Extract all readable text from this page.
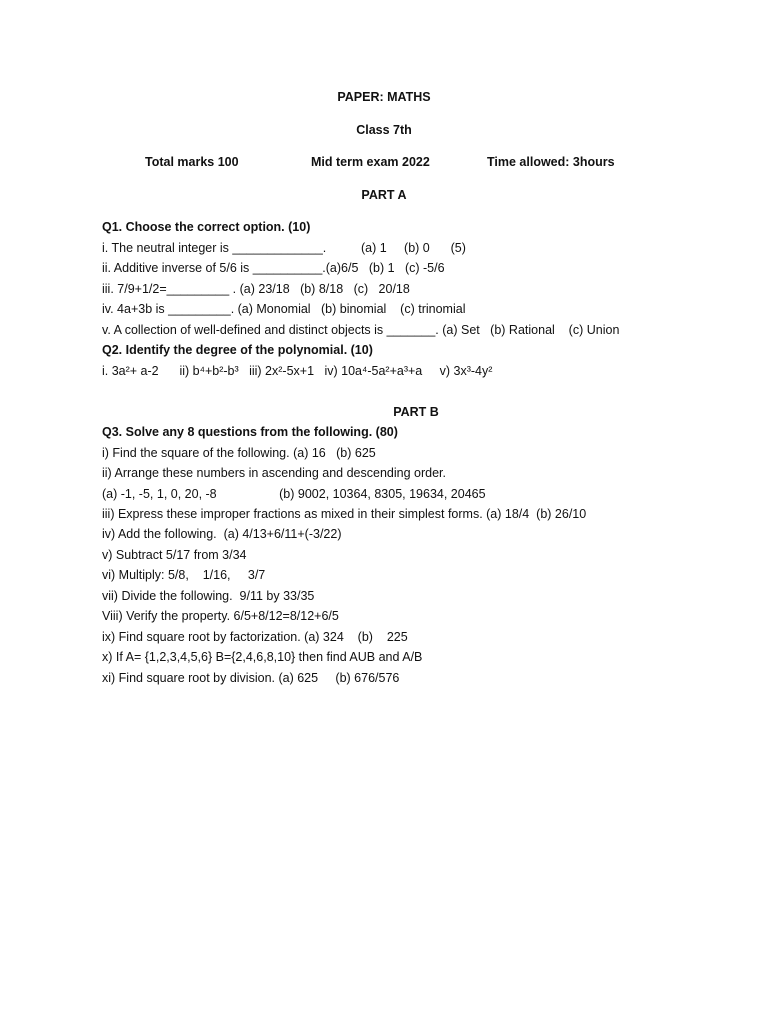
PAPER: MATHS
Class 7th
Total marks 100	Mid term exam 2022	Time allowed: 3hours
PART A
Q1. Choose the correct option. (10)
i. The neutral integer is _____________.          (a) 1     (b) 0      (5)
ii. Additive inverse of 5/6 is __________.(a)6/5   (b) 1   (c) -5/6
iii. 7/9+1/2=_________ . (a) 23/18   (b) 8/18   (c)   20/18
iv. 4a+3b is _________. (a) Monomial   (b) binomial    (c) trinomial
v. A collection of well-defined and distinct objects is _______. (a) Set   (b) Rational    (c) Union
Q2. Identify the degree of the polynomial. (10)
i. 3a²+ a-2      ii) b⁴+b²-b³   iii) 2x²-5x+1   iv) 10a⁴-5a²+a³+a     v) 3x³-4y²
PART B
Q3. Solve any 8 questions from the following. (80)
i) Find the square of the following. (a) 16   (b) 625
ii) Arrange these numbers in ascending and descending order.
(a) -1, -5, 1, 0, 20, -8                  (b) 9002, 10364, 8305, 19634, 20465
iii) Express these improper fractions as mixed in their simplest forms. (a) 18/4  (b) 26/10
iv) Add the following.  (a) 4/13+6/11+(-3/22)
v) Subtract 5/17 from 3/34
vi) Multiply: 5/8,    1/16,     3/7
vii) Divide the following.  9/11 by 33/35
Viii) Verify the property. 6/5+8/12=8/12+6/5
ix) Find square root by factorization. (a) 324    (b)    225
x) If A= {1,2,3,4,5,6} B={2,4,6,8,10} then find AUB and A/B
xi) Find square root by division. (a) 625     (b) 676/576
